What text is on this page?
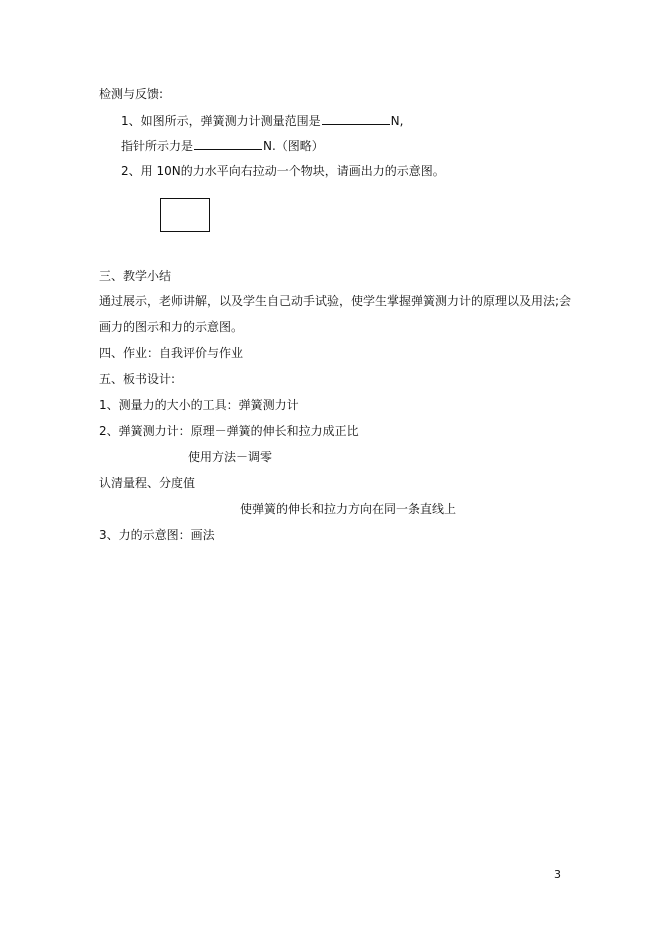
检测与反馈:
1、如图所示，弹簧测力计测量范围是	N,
指针所示力是	N.（图略）
2、用 10N的力水平向右拉动一个物块，请画出力的示意图。
三、教学小结
通过展示，老师讲解，以及学生自己动手试验，使学生掌握弹簧测力计的原理以及用法;会
画力的图示和力的示意图。
四、作业：自我评价与作业
五、板书设计:
1、测量力的大小的工具：弹簧测力计
2、弹簧测力计：原理－弹簧的伸长和拉力成正比
使用方法－调零
认清量程、分度值
使弹簧的伸长和拉力方向在同一条直线上
3、力的示意图：画法
3
